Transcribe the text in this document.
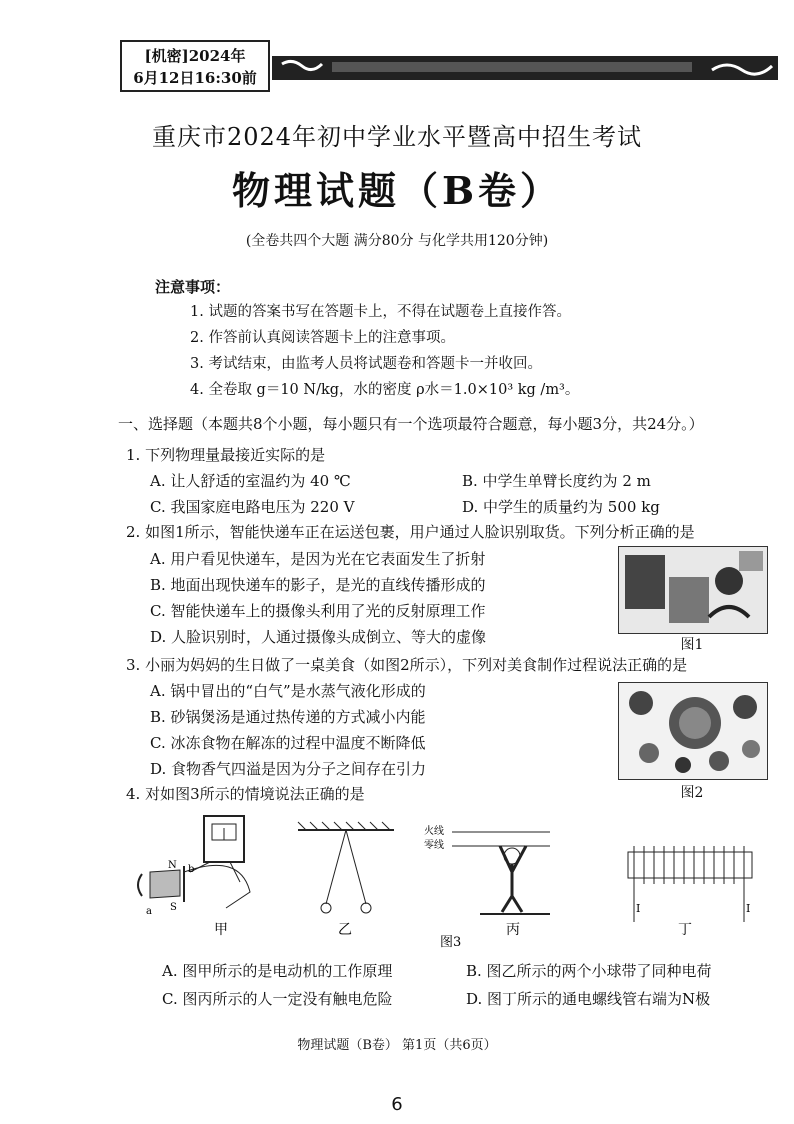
[机密]2024年
6月12日16:30前
重庆市2024年初中学业水平暨高中招生考试
物理试题（B卷）
(全卷共四个大题 满分80分 与化学共用120分钟)
注意事项：
1. 试题的答案书写在答题卡上，不得在试题卷上直接作答。
2. 作答前认真阅读答题卡上的注意事项。
3. 考试结束，由监考人员将试题卷和答题卡一并收回。
4. 全卷取 g＝10 N/kg，水的密度 ρ水＝1.0×10³ kg /m³。
一、选择题（本题共8个小题，每小题只有一个选项最符合题意，每小题3分，共24分。）
1. 下列物理量最接近实际的是
A. 让人舒适的室温约为 40 ℃	B. 中学生单臂长度约为 2 m
C. 我国家庭电路电压为 220 V	D. 中学生的质量约为 500 kg
2. 如图1所示，智能快递车正在运送包裹，用户通过人脸识别取货。下列分析正确的是
A. 用户看见快递车，是因为光在它表面发生了折射
B. 地面出现快递车的影子，是光的直线传播形成的
C. 智能快递车上的摄像头利用了光的反射原理工作
D. 人脸识别时，人通过摄像头成倒立、等大的虚像	图1
3. 小丽为妈妈的生日做了一桌美食（如图2所示），下列对美食制作过程说法正确的是
A. 锅中冒出的“白气”是水蒸气液化形成的
B. 砂锅煲汤是通过热传递的方式减小内能
C. 冰冻食物在解冻的过程中温度不断降低
D. 食物香气四溢是因为分子之间存在引力
图2
4. 对如图3所示的情境说法正确的是
N b
a S
火线
零线
I	I
甲	乙	丙	丁
图3
A. 图甲所示的是电动机的工作原理	B. 图乙所示的两个小球带了同种电荷
C. 图丙所示的人一定没有触电危险	D. 图丁所示的通电螺线管右端为N极
物理试题（B卷） 第1页（共6页）
6
